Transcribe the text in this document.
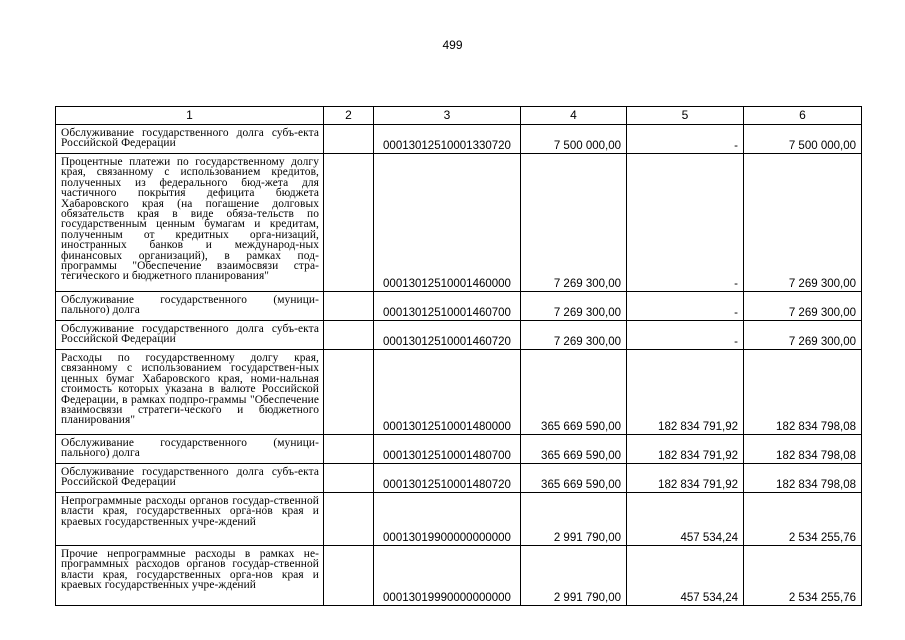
499
1	2	3	4	5	6
Обслуживание государственного долга субъ-екта Российской Федерации		00013012510001330720	7 500 000,00	-	7 500 000,00
Процентные платежи по государственному долгу края, связанному с использованием кредитов, полученных из федерального бюд-жета для частичного покрытия дефицита бюджета Хабаровского края (на погашение долговых обязательств края в виде обяза-тельств по государственным ценным бумагам и кредитам, полученным от кредитных орга-низаций, иностранных банков и международ-ных финансовых организаций), в рамках под-программы "Обеспечение взаимосвязи стра-тегического и бюджетного планирования"		00013012510001460000	7 269 300,00	-	7 269 300,00
Обслуживание государственного (муници-пального) долга		00013012510001460700	7 269 300,00	-	7 269 300,00
Обслуживание государственного долга субъ-екта Российской Федерации		00013012510001460720	7 269 300,00	-	7 269 300,00
Расходы по государственному долгу края, связанному с использованием государствен-ных ценных бумаг Хабаровского края, номи-нальная стоимость которых указана в валюте Российской Федерации, в рамках подпро-граммы "Обеспечение взаимосвязи стратеги-ческого и бюджетного планирования"		00013012510001480000	365 669 590,00	182 834 791,92	182 834 798,08
Обслуживание государственного (муници-пального) долга		00013012510001480700	365 669 590,00	182 834 791,92	182 834 798,08
Обслуживание государственного долга субъ-екта Российской Федерации		00013012510001480720	365 669 590,00	182 834 791,92	182 834 798,08
Непрограммные расходы органов государ-ственной власти края, государственных орга-нов края и краевых государственных учре-ждений		00013019900000000000	2 991 790,00	457 534,24	2 534 255,76
Прочие непрограммные расходы в рамках не-программных расходов органов государ-ственной власти края, государственных орга-нов края и краевых государственных учре-ждений		00013019990000000000	2 991 790,00	457 534,24	2 534 255,76
